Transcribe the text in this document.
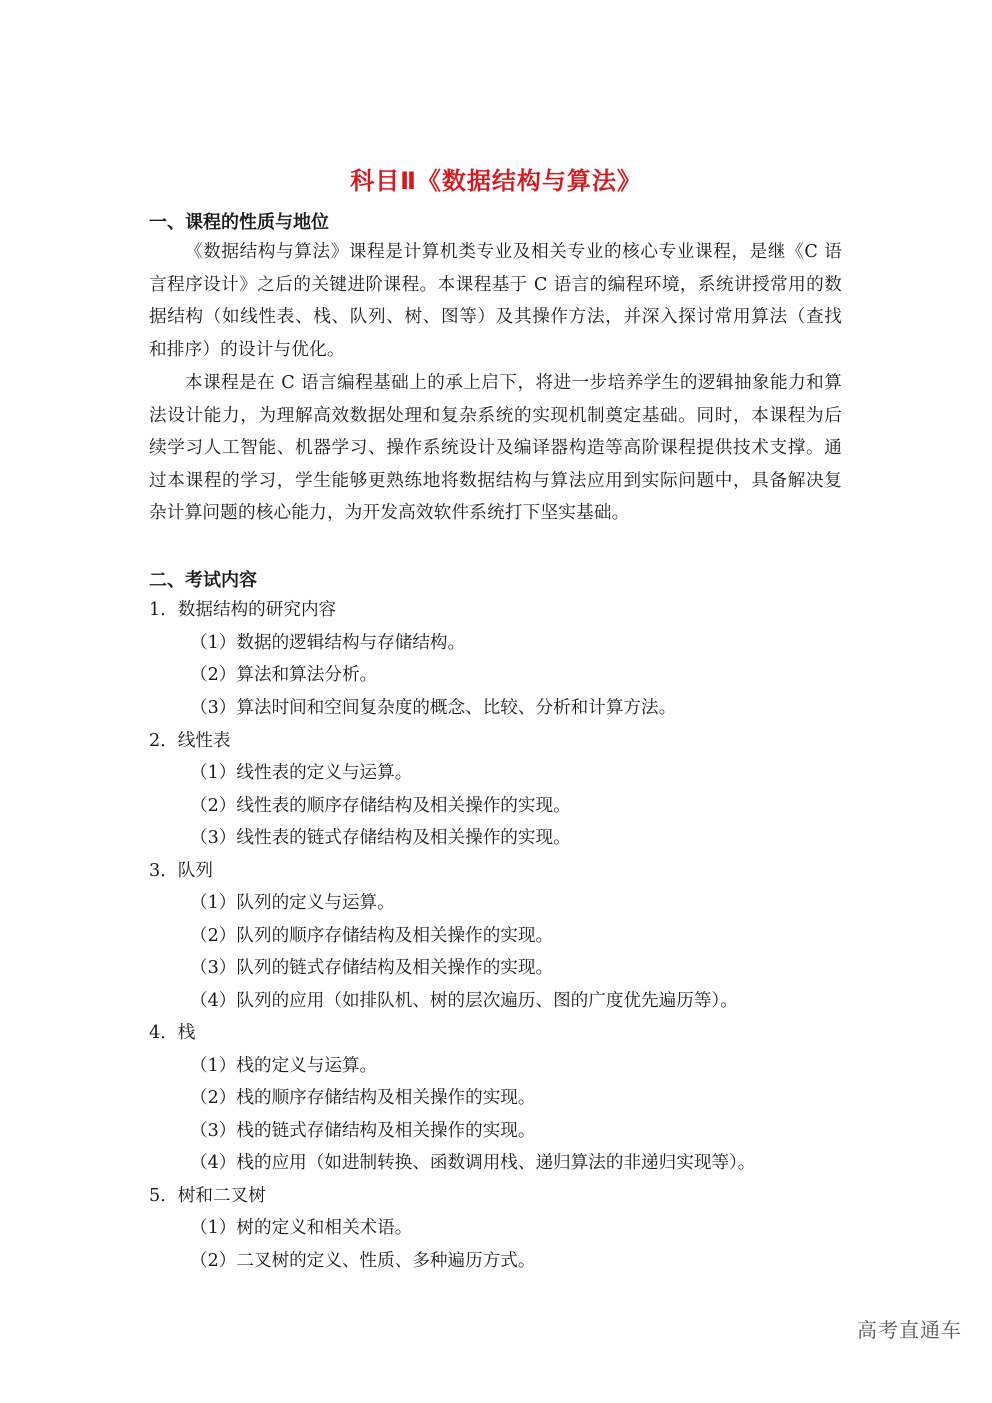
科目Ⅱ《数据结构与算法》
一、课程的性质与地位
《数据结构与算法》课程是计算机类专业及相关专业的核心专业课程，是继《C 语言程序设计》之后的关键进阶课程。本课程基于 C 语言的编程环境，系统讲授常用的数据结构（如线性表、栈、队列、树、图等）及其操作方法，并深入探讨常用算法（查找和排序）的设计与优化。
本课程是在 C 语言编程基础上的承上启下，将进一步培养学生的逻辑抽象能力和算法设计能力，为理解高效数据处理和复杂系统的实现机制奠定基础。同时，本课程为后续学习人工智能、机器学习、操作系统设计及编译器构造等高阶课程提供技术支撑。通过本课程的学习，学生能够更熟练地将数据结构与算法应用到实际问题中，具备解决复杂计算问题的核心能力，为开发高效软件系统打下坚实基础。
二、考试内容
1．数据结构的研究内容
（1）数据的逻辑结构与存储结构。
（2）算法和算法分析。
（3）算法时间和空间复杂度的概念、比较、分析和计算方法。
2．线性表
（1）线性表的定义与运算。
（2）线性表的顺序存储结构及相关操作的实现。
（3）线性表的链式存储结构及相关操作的实现。
3．队列
（1）队列的定义与运算。
（2）队列的顺序存储结构及相关操作的实现。
（3）队列的链式存储结构及相关操作的实现。
（4）队列的应用（如排队机、树的层次遍历、图的广度优先遍历等）。
4．栈
（1）栈的定义与运算。
（2）栈的顺序存储结构及相关操作的实现。
（3）栈的链式存储结构及相关操作的实现。
（4）栈的应用（如进制转换、函数调用栈、递归算法的非递归实现等）。
5．树和二叉树
（1）树的定义和相关术语。
（2）二叉树的定义、性质、多种遍历方式。
高考直通车
